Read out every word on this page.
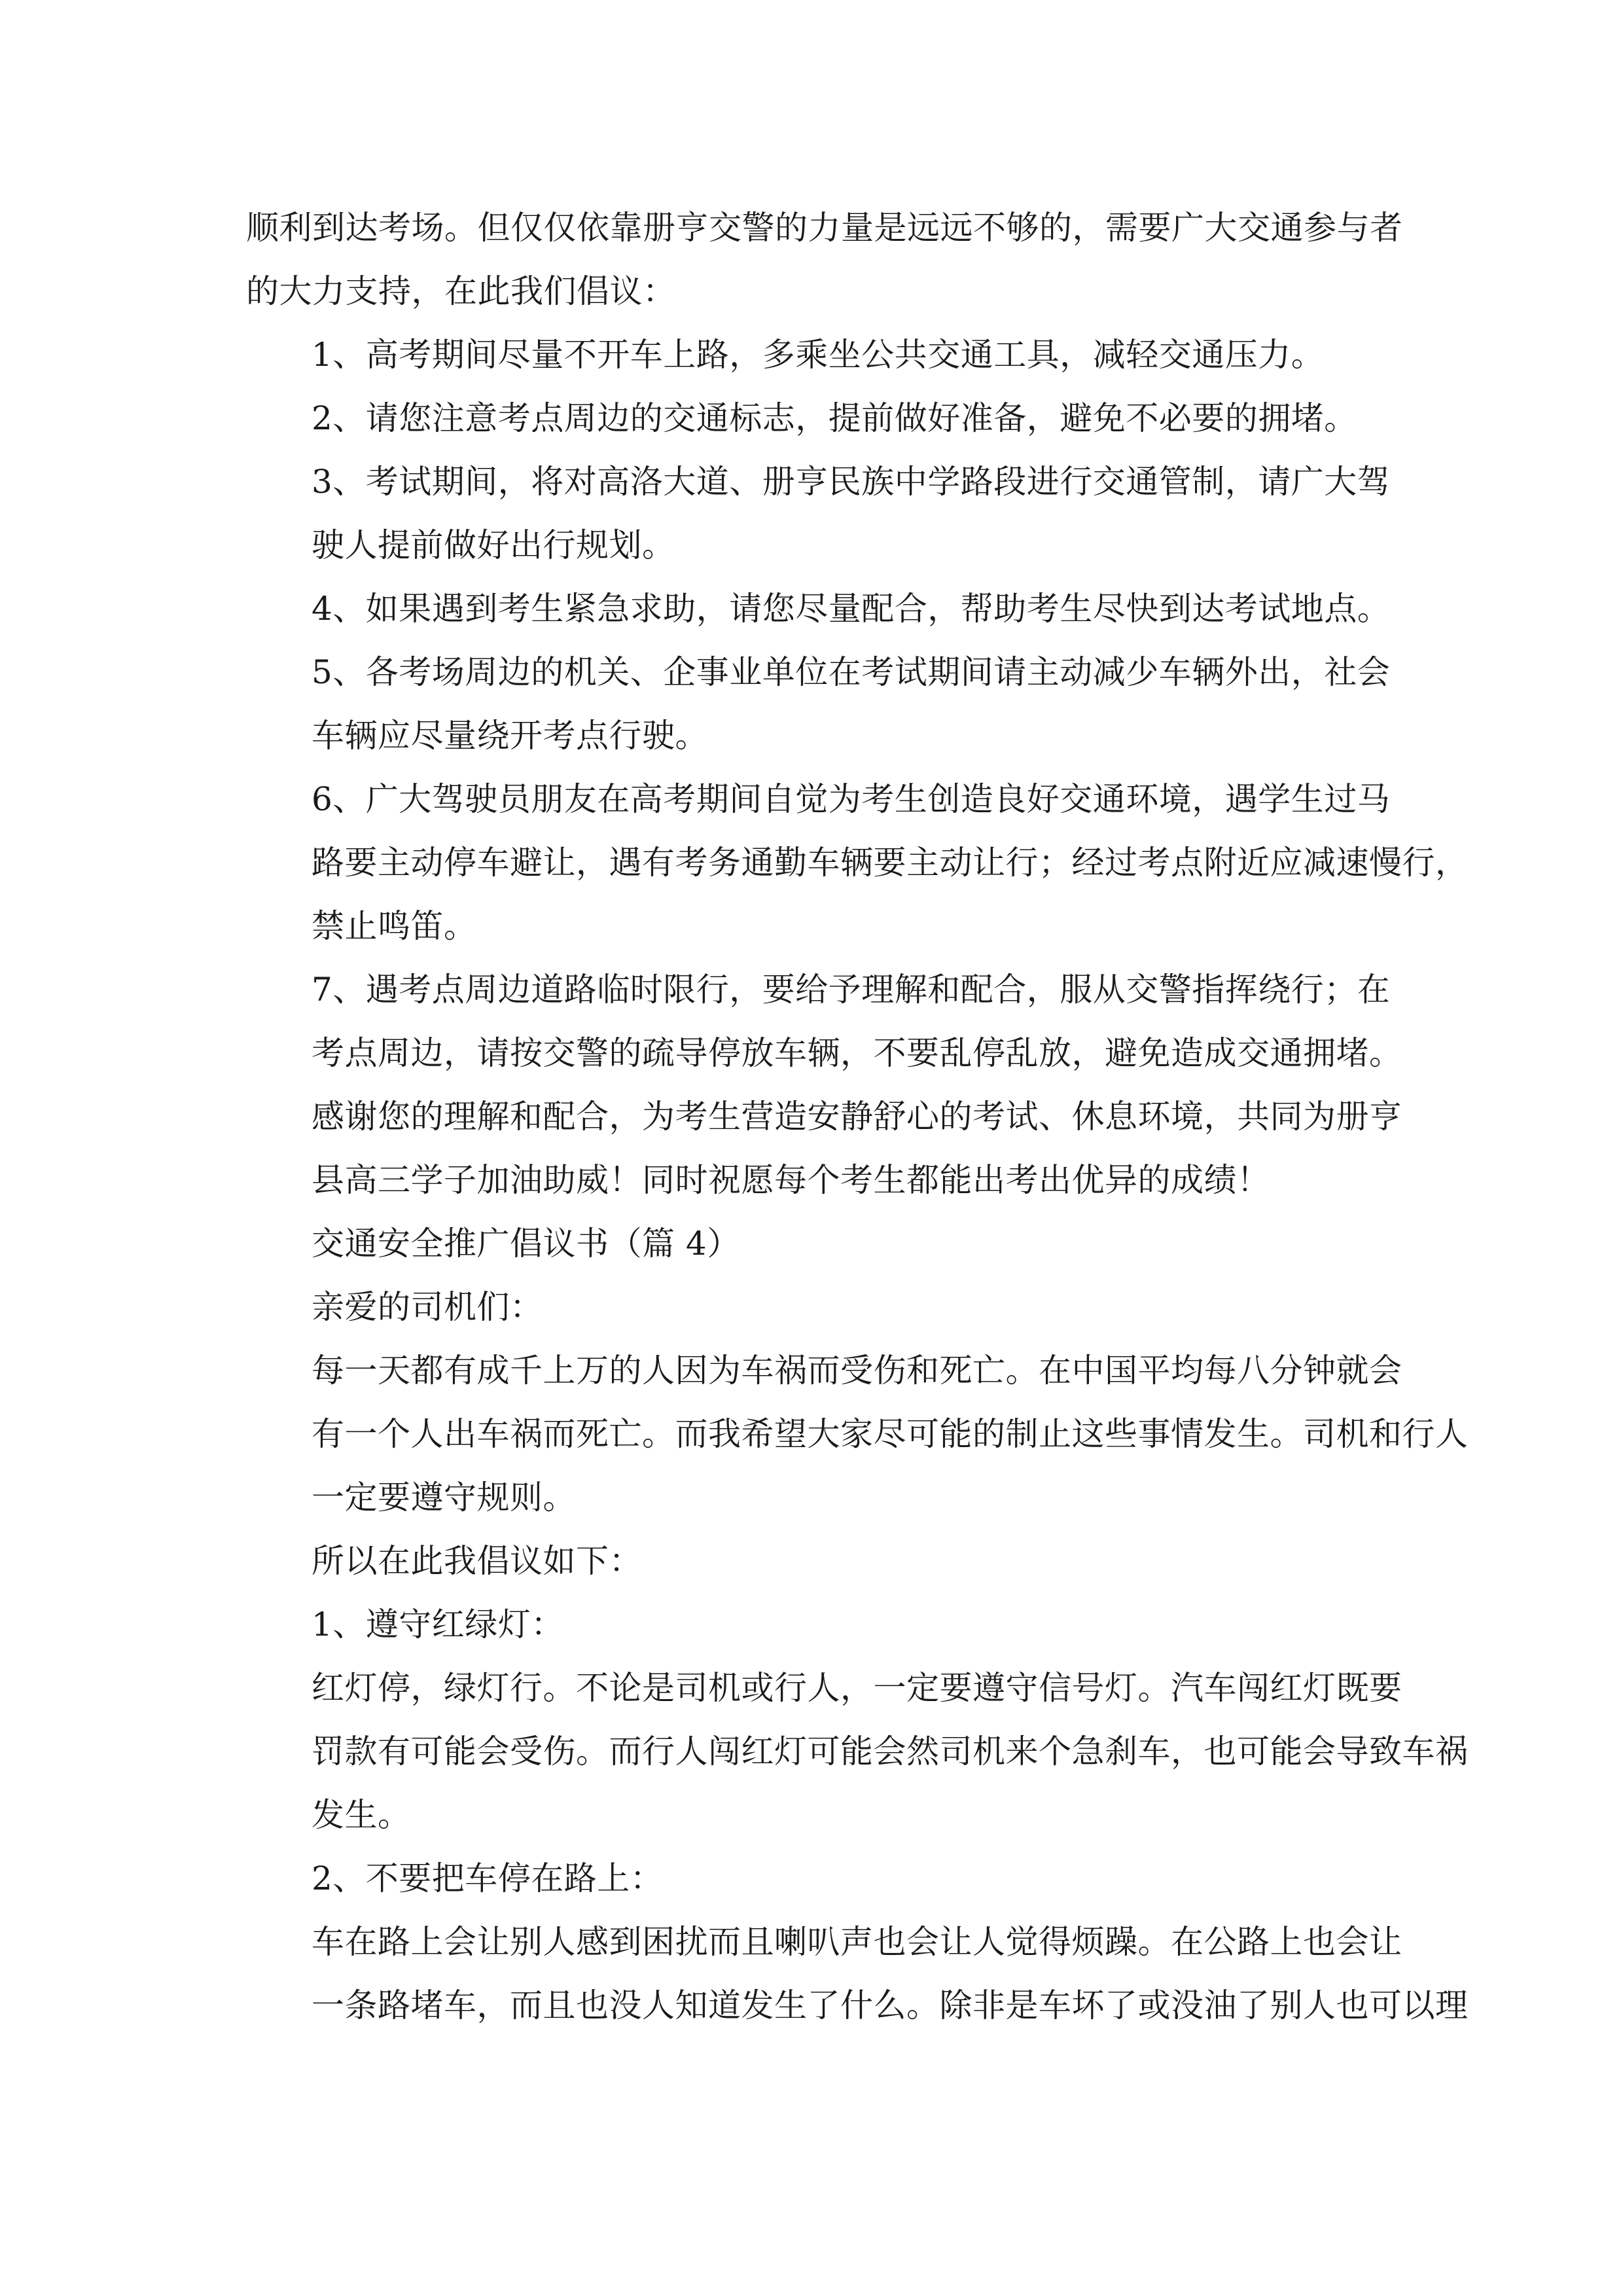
顺利到达考场。但仅仅依靠册亨交警的力量是远远不够的，需要广大交通参与者
的大力支持，在此我们倡议：
1、高考期间尽量不开车上路，多乘坐公共交通工具，减轻交通压力。
2、请您注意考点周边的交通标志，提前做好准备，避免不必要的拥堵。
3、考试期间，将对高洛大道、册亨民族中学路段进行交通管制，请广大驾
驶人提前做好出行规划。
4、如果遇到考生紧急求助，请您尽量配合，帮助考生尽快到达考试地点。
5、各考场周边的机关、企事业单位在考试期间请主动减少车辆外出，社会
车辆应尽量绕开考点行驶。
6、广大驾驶员朋友在高考期间自觉为考生创造良好交通环境，遇学生过马
路要主动停车避让，遇有考务通勤车辆要主动让行；经过考点附近应减速慢行，
禁止鸣笛。
7、遇考点周边道路临时限行，要给予理解和配合，服从交警指挥绕行；在
考点周边，请按交警的疏导停放车辆，不要乱停乱放，避免造成交通拥堵。
感谢您的理解和配合，为考生营造安静舒心的考试、休息环境，共同为册亨
县高三学子加油助威！同时祝愿每个考生都能出考出优异的成绩！
交通安全推广倡议书（篇 4）
亲爱的司机们：
每一天都有成千上万的人因为车祸而受伤和死亡。在中国平均每八分钟就会
有一个人出车祸而死亡。而我希望大家尽可能的制止这些事情发生。司机和行人
一定要遵守规则。
所以在此我倡议如下：
1、遵守红绿灯：
红灯停，绿灯行。不论是司机或行人，一定要遵守信号灯。汽车闯红灯既要
罚款有可能会受伤。而行人闯红灯可能会然司机来个急刹车，也可能会导致车祸
发生。
2、不要把车停在路上：
车在路上会让别人感到困扰而且喇叭声也会让人觉得烦躁。在公路上也会让
一条路堵车，而且也没人知道发生了什么。除非是车坏了或没油了别人也可以理
